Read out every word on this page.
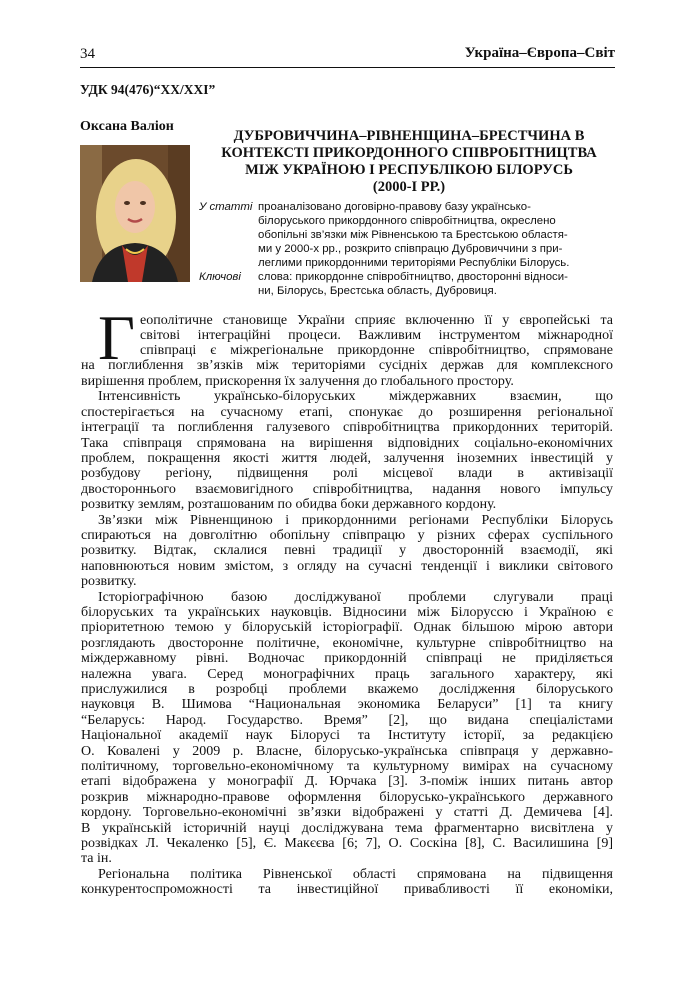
34	Україна–Європа–Світ
УДК 94(476)“XX/XXI”
Оксана Валіон
ДУБРОВИЧЧИНА–РІВНЕНЩИНА–БРЕСТЧИНА В
КОНТЕКСТІ ПРИКОРДОННОГО СПІВРОБІТНИЦТВА
МІЖ УКРАЇНОЮ І РЕСПУБЛІКОЮ БІЛОРУСЬ
(2000-І РР.)
У статті проаналізовано договірно-правову базу українсько-
білоруського прикордонного співробітництва, окреслено
обопільні зв’язки між Рівненською та Брестською областя-
ми у 2000-х рр., розкрито співпрацю Дубровиччини з при-
леглими прикордонними територіями Республіки Білорусь.
Ключові слова: прикордонне співробітництво, двосторонні відноси-
ни, Білорусь, Брестська область, Дубровиця.
Г еополітичне становище України сприяє включенню її у європейські та
світові інтеграційні процеси. Важливим інструментом міжнародної
співпраці є міжрегіональне прикордонне співробітництво, спрямоване
на поглиблення зв’язків між територіями сусідніх держав для комплексного
вирішення проблем, прискорення їх залучення до глобального простору.
Інтенсивність українсько-білоруських міждержавних взаємин, що
спостерігається на сучасному етапі, спонукає до розширення регіональної
інтеграції та поглиблення галузевого співробітництва прикордонних територій.
Така співпраця спрямована на вирішення відповідних соціально-економічних
проблем, покращення якості життя людей, залучення іноземних інвестицій у
розбудову регіону, підвищення ролі місцевої влади в активізації
двостороннього взаємовигідного співробітництва, надання нового імпульсу
розвитку землям, розташованим по обидва боки державного кордону.
Зв’язки між Рівненщиною і прикордонними регіонами Республіки Білорусь
спираються на довголітню обопільну співпрацю у різних сферах суспільного
розвитку. Відтак, склалися певні традиції у двосторонній взаємодії, які
наповнюються новим змістом, з огляду на сучасні тенденції і виклики світового
розвитку.
Історіографічною базою досліджуваної проблеми слугували праці
білоруських та українських науковців. Відносини між Білоруссю і Україною є
пріоритетною темою у білоруській історіографії. Однак більшою мірою автори
розглядають двосторонне політичне, економічне, культурне співробітництво на
міждержавному рівні. Водночас прикордонній співпраці не приділяється
належна увага. Серед монографічних праць загального характеру, які
прислужилися в розробці проблеми вкажемо дослідження білоруського
науковця В. Шимова “Национальная экономика Беларуси” [1] та книгу
“Беларусь: Народ. Государство. Время” [2], що видана спеціалістами
Національної академії наук Білорусі та Інституту історії, за редакцією
О. Ковалені у 2009 р. Власне, білорусько-українська співпраця у державно-
політичному, торговельно-економічному та культурному вимірах на сучасному
етапі відображена у монографії Д. Юрчака [3]. З-поміж інших питань автор
розкрив міжнародно-правове оформлення білорусько-українського державного
кордону. Торговельно-економічні зв’язки відображені у статті Д. Демичева [4].
В українській історичній науці досліджувана тема фрагментарно висвітлена у
розвідках Л. Чекаленко [5], Є. Макєєва [6; 7], О. Соскіна [8], С. Василишина [9]
та ін.
Регіональна політика Рівненської області спрямована на підвищення
конкурентоспроможності та інвестиційної привабливості її економіки,
